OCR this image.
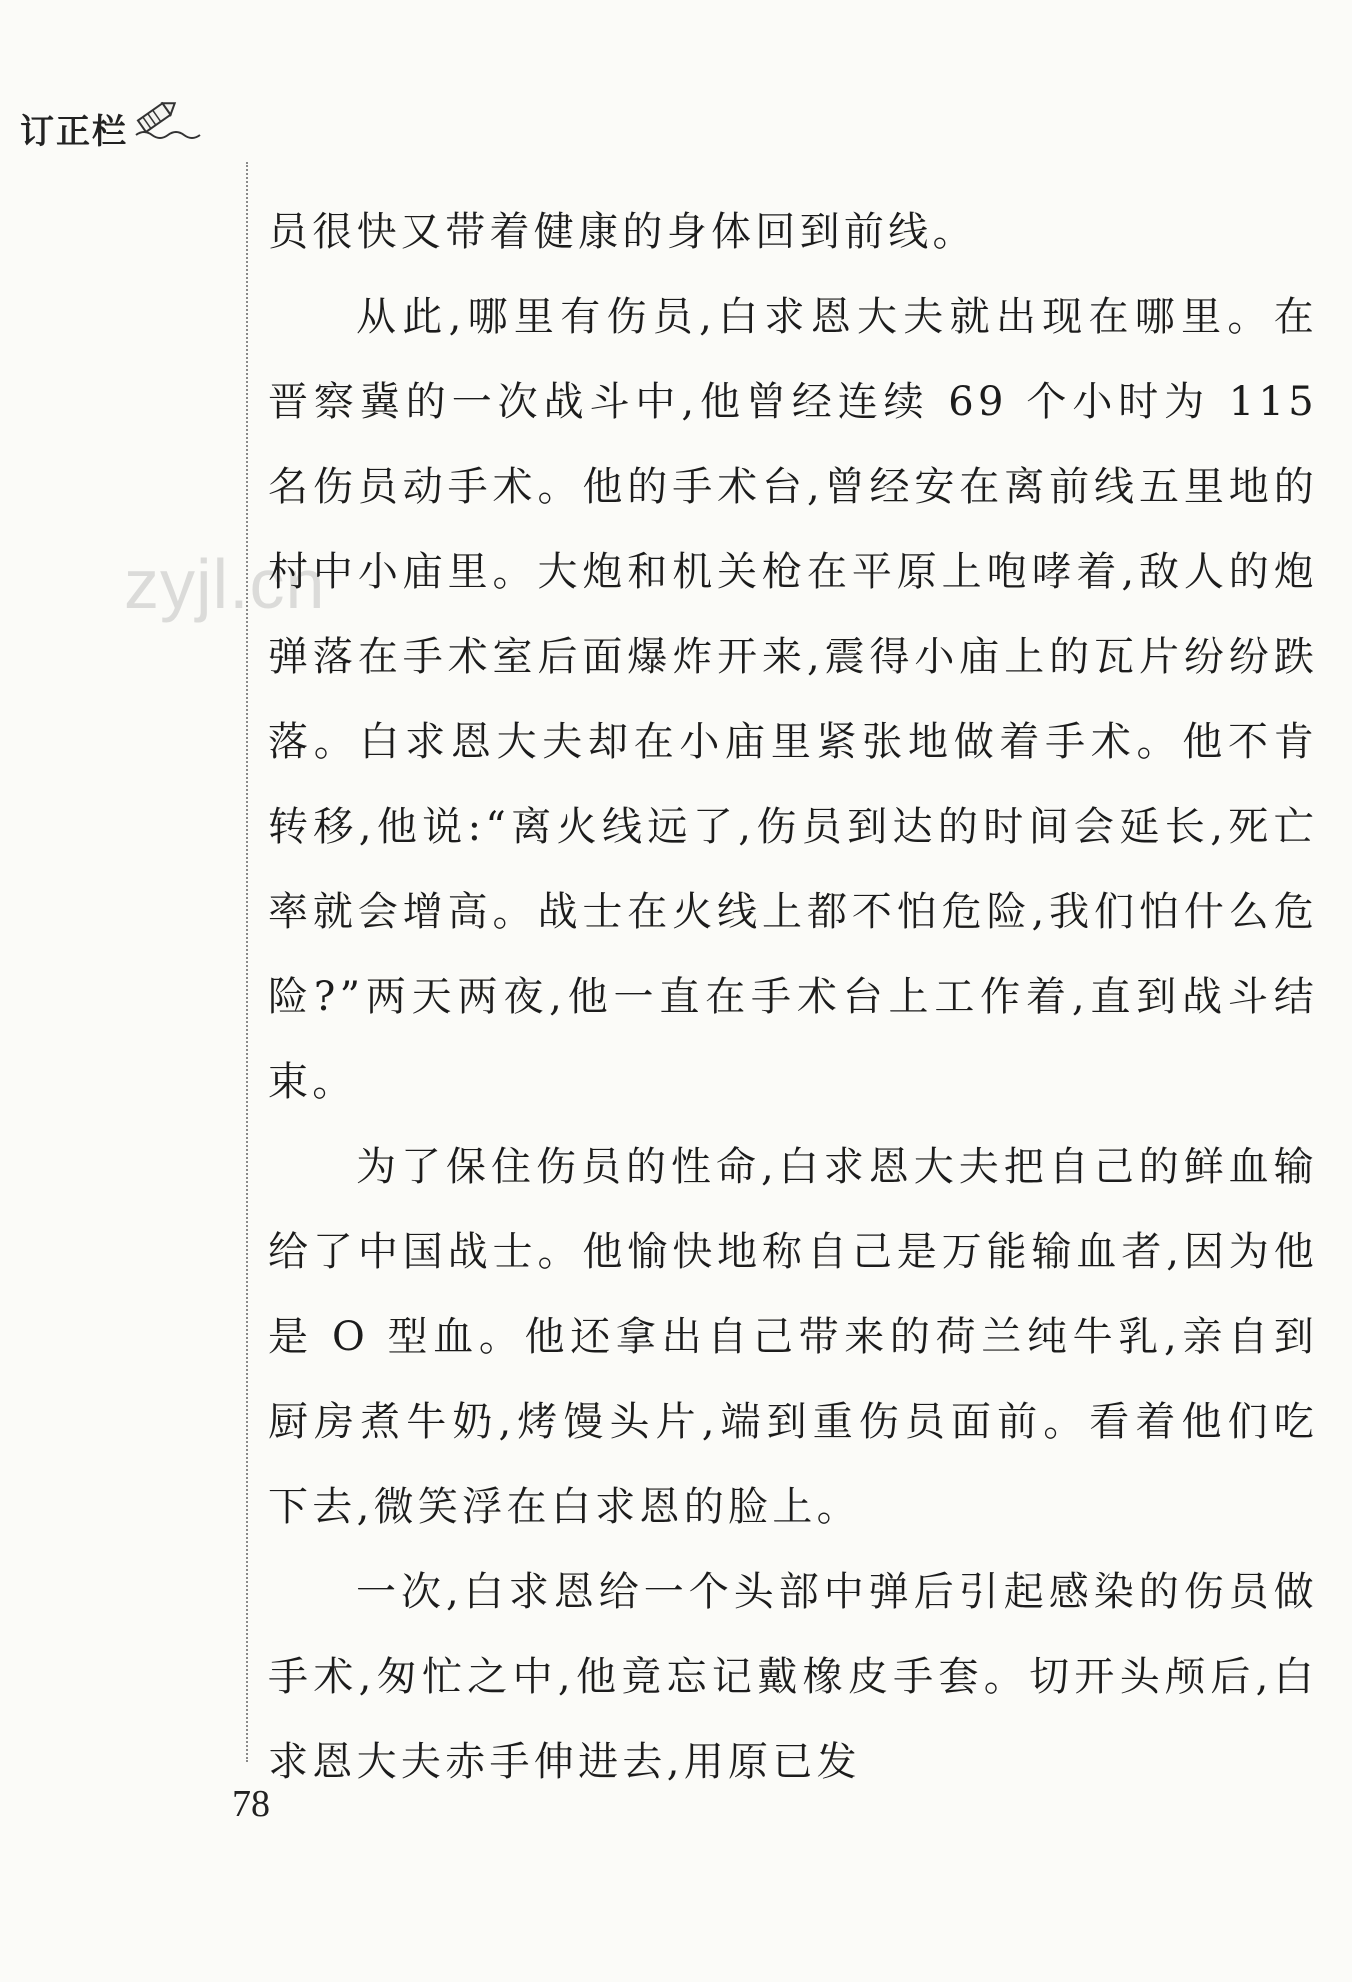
订正栏
zyjl.cn

员很快又带着健康的身体回到前线。

从此,哪里有伤员,白求恩大夫就出现在哪里。在晋察冀的一次战斗中,他曾经连续 69 个小时为 115 名伤员动手术。他的手术台,曾经安在离前线五里地的村中小庙里。大炮和机关枪在平原上咆哮着,敌人的炮弹落在手术室后面爆炸开来,震得小庙上的瓦片纷纷跌落。白求恩大夫却在小庙里紧张地做着手术。他不肯转移,他说:“离火线远了,伤员到达的时间会延长,死亡率就会增高。战士在火线上都不怕危险,我们怕什么危险?”两天两夜,他一直在手术台上工作着,直到战斗结束。

为了保住伤员的性命,白求恩大夫把自己的鲜血输给了中国战士。他愉快地称自己是万能输血者,因为他是 O 型血。他还拿出自己带来的荷兰纯牛乳,亲自到厨房煮牛奶,烤馒头片,端到重伤员面前。看着他们吃下去,微笑浮在白求恩的脸上。

一次,白求恩给一个头部中弹后引起感染的伤员做手术,匆忙之中,他竟忘记戴橡皮手套。切开头颅后,白求恩大夫赤手伸进去,用原已发

78
